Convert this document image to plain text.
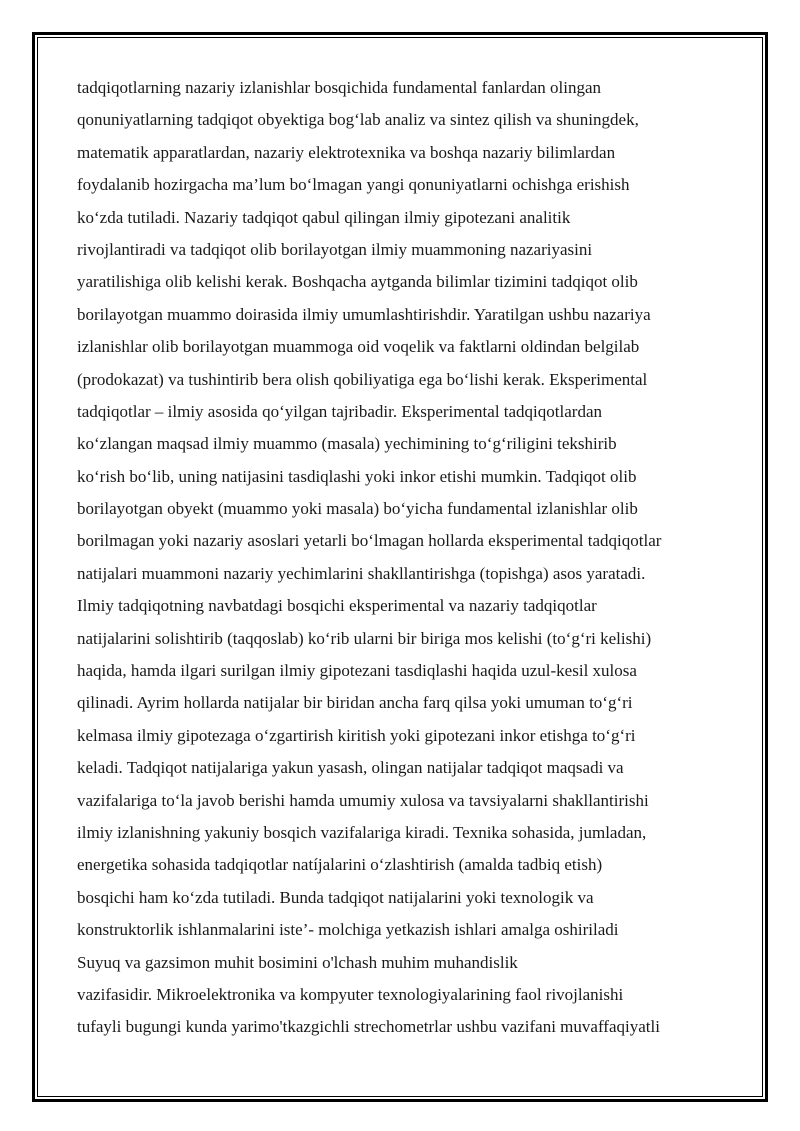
tadqiqotlarning nazariy izlanishlar bosqichida fundamental fanlardan olingan
qonuniyatlarning tadqiqot obyektiga bog‘lab analiz va sintez qilish va shuningdek,
matematik apparatlardan, nazariy elektrotexnika va boshqa nazariy bilimlardan
foydalanib hozirgacha ma’lum bo‘lmagan yangi qonuniyatlarni ochishga erishish
ko‘zda tutiladi. Nazariy tadqiqot qabul qilingan ilmiy gipotezani analitik
rivojlantiradi va tadqiqot olib borilayotgan ilmiy muammoning nazariyasini
yaratilishiga olib kelishi kerak. Boshqacha aytganda bilimlar tizimini tadqiqot olib
borilayotgan muammo doirasida ilmiy umumlashtirishdir. Yaratilgan ushbu nazariya
izlanishlar olib borilayotgan muammoga oid voqelik va faktlarni oldindan belgilab
(prodokazat) va tushintirib bera olish qobiliyatiga ega bo‘lishi kerak. Eksperimental
tadqiqotlar – ilmiy asosida qo‘yilgan tajribadir. Eksperimental tadqiqotlardan
ko‘zlangan maqsad ilmiy muammo (masala) yechimining to‘g‘riligini tekshirib
ko‘rish bo‘lib, uning natijasini tasdiqlashi yoki inkor etishi mumkin. Tadqiqot olib
borilayotgan obyekt (muammo yoki masala) bo‘yicha fundamental izlanishlar olib
borilmagan yoki nazariy asoslari yetarli bo‘lmagan hollarda eksperimental tadqiqotlar
natijalari muammoni nazariy yechimlarini shakllantirishga (topishga) asos yaratadi.
Ilmiy tadqiqotning navbatdagi bosqichi eksperimental va nazariy tadqiqotlar
natijalarini solishtirib (taqqoslab) ko‘rib ularni bir biriga mos kelishi (to‘g‘ri kelishi)
haqida, hamda ilgari surilgan ilmiy gipotezani tasdiqlashi haqida uzul-kesil xulosa
qilinadi. Ayrim hollarda natijalar bir biridan ancha farq qilsa yoki umuman to‘g‘ri
kelmasa ilmiy gipotezaga o‘zgartirish kiritish yoki gipotezani inkor etishga to‘g‘ri
keladi. Tadqiqot natijalariga yakun yasash, olingan natijalar tadqiqot maqsadi va
vazifalariga to‘la javob berishi hamda umumiy xulosa va tavsiyalarni shakllantirishi
ilmiy izlanishning yakuniy bosqich vazifalariga kiradi. Texnika sohasida, jumladan,
energetika sohasida tadqiqotlar natíjalarini o‘zlashtirish (amalda tadbiq etish)
bosqichi ham ko‘zda tutiladi. Bunda tadqiqot natijalarini yoki texnologik va
konstruktorlik ishlanmalarini iste’- molchiga yetkazish ishlari amalga oshiriladi
Suyuq va gazsimon muhit bosimini o'lchash muhim muhandislik
vazifasidir. Mikroelektronika va kompyuter texnologiyalarining faol rivojlanishi
tufayli bugungi kunda yarimo'tkazgichli strechometrlar ushbu vazifani muvaffaqiyatli
